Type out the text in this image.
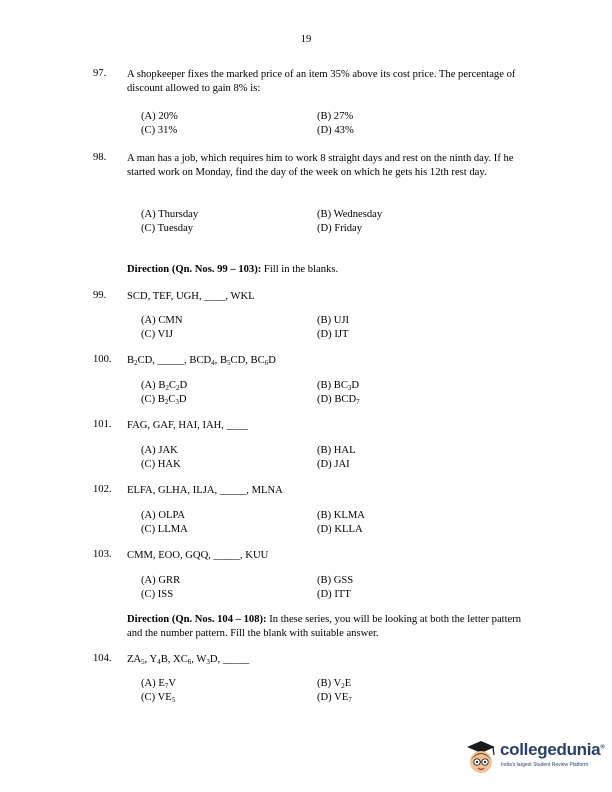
19
97. A shopkeeper fixes the marked price of an item 35% above its cost price. The percentage of discount allowed to gain 8% is:
(A) 20%	(B) 27%
(C) 31%	(D) 43%
98. A man has a job, which requires him to work 8 straight days and rest on the ninth day. If he started work on Monday, find the day of the week on which he gets his 12th rest day.
(A) Thursday	(B) Wednesday
(C) Tuesday	(D) Friday
Direction (Qn. Nos. 99 – 103): Fill in the blanks.
99. SCD, TEF, UGH, ____, WKL
(A) CMN	(B) UJI
(C) VIJ	(D) IJT
100. $B_2CD$, _____, $BCD_4$, $B_5CD$, $BC_6D$
(A) $B_2C_2D$	(B) $BC_3D$
(C) $B_2C_3D$	(D) $BCD_7$
101. FAG, GAF, HAI, IAH, ____
(A) JAK	(B) HAL
(C) HAK	(D) JAI
102. ELFA, GLHA, ILJA, _____, MLNA
(A) OLPA	(B) KLMA
(C) LLMA	(D) KLLA
103. CMM, EOO, GQQ, _____, KUU
(A) GRR	(B) GSS
(C) ISS	(D) ITT
Direction (Qn. Nos. 104 – 108): In these series, you will be looking at both the letter pattern and the number pattern. Fill the blank with suitable answer.
104. $ZA_5$, $Y_4B$, $XC_6$, $W_3D$, _____
(A) $E_7V$	(B) $V_2E$
(C) $VE_5$	(D) $VE_7$
collegedunia®
India's largest Student Review Platform
